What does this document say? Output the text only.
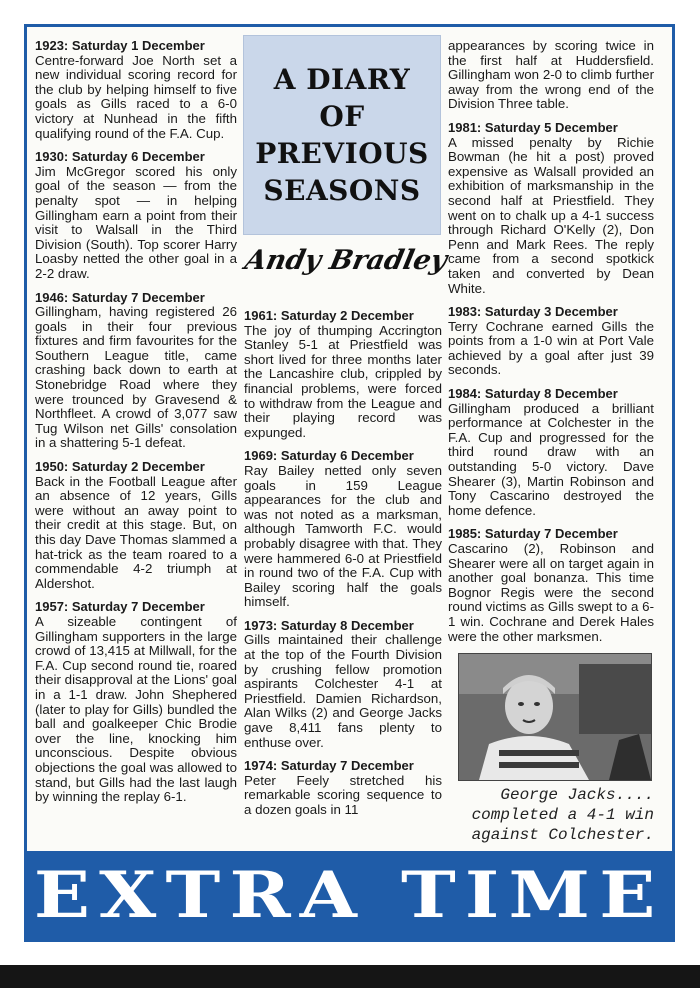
1923: Saturday 1 December

Centre-forward Joe North set a new individual scoring record for the club by helping himself to five goals as Gills raced to a 6-0 victory at Nunhead in the fifth qualifying round of the F.A. Cup.

1930: Saturday 6 December

Jim McGregor scored his only goal of the season — from the penalty spot — in helping Gillingham earn a point from their visit to Walsall in the Third Division (South). Top scorer Harry Loasby netted the other goal in a 2-2 draw.

1946: Saturday 7 December

Gillingham, having registered 26 goals in their four previous fixtures and firm favourites for the Southern League title, came crashing back down to earth at Stonebridge Road where they were trounced by Gravesend & Northfleet. A crowd of 3,077 saw Tug Wilson net Gills' consolation in a shattering 5-1 defeat.

1950: Saturday 2 December

Back in the Football League after an absence of 12 years, Gills were without an away point to their credit at this stage. But, on this day Dave Thomas slammed a hat-trick as the team roared to a commendable 4-2 triumph at Aldershot.

1957: Saturday 7 December

A sizeable contingent of Gillingham supporters in the large crowd of 13,415 at Millwall, for the F.A. Cup second round tie, roared their disapproval at the Lions' goal in a 1-1 draw. John Shephered (later to play for Gills) bundled the ball and goalkeeper Chic Brodie over the line, knocking him unconscious. Despite obvious objections the goal was allowed to stand, but Gills had the last laugh by winning the replay 6-1.

A DIARY
OF
PREVIOUS
SEASONS
Andy Bradley
1961: Saturday 2 December

The joy of thumping Accrington Stanley 5-1 at Priestfield was short lived for three months later the Lancashire club, crippled by financial problems, were forced to withdraw from the League and their playing record was expunged.

1969: Saturday 6 December

Ray Bailey netted only seven goals in 159 League appearances for the club and was not noted as a marksman, although Tamworth F.C. would probably disagree with that. They were hammered 6-0 at Priestfield in round two of the F.A. Cup with Bailey scoring half the goals himself.

1973: Saturday 8 December

Gills maintained their challenge at the top of the Fourth Division by crushing fellow promotion aspirants Colchester 4-1 at Priestfield. Damien Richardson, Alan Wilks (2) and George Jacks gave 8,411 fans plenty to enthuse over.

1974: Saturday 7 December

Peter Feely stretched his remarkable scoring sequence to a dozen goals in 11

appearances by scoring twice in the first half at Huddersfield. Gillingham won 2-0 to climb further away from the wrong end of the Division Three table.

1981: Saturday 5 December

A missed penalty by Richie Bowman (he hit a post) proved expensive as Walsall provided an exhibition of marksmanship in the second half at Priestfield. They went on to chalk up a 4-1 success through Richard O'Kelly (2), Don Penn and Mark Rees. The reply came from a second spotkick taken and converted by Dean White.

1983: Saturday 3 December

Terry Cochrane earned Gills the points from a 1-0 win at Port Vale achieved by a goal after just 39 seconds.

1984: Saturday 8 December

Gillingham produced a brilliant performance at Colchester in the F.A. Cup and progressed for the third round draw with an outstanding 5-0 victory. Dave Shearer (3), Martin Robinson and Tony Cascarino destroyed the home defence.

1985: Saturday 7 December

Cascarino (2), Robinson and Shearer were all on target again in another goal bonanza. This time Bognor Regis were the second round victims as Gills swept to a 6-1 win. Cochrane and Derek Hales were the other marksmen.

George Jacks....
completed a 4-1 win
against Colchester.
EXTRA TIME
